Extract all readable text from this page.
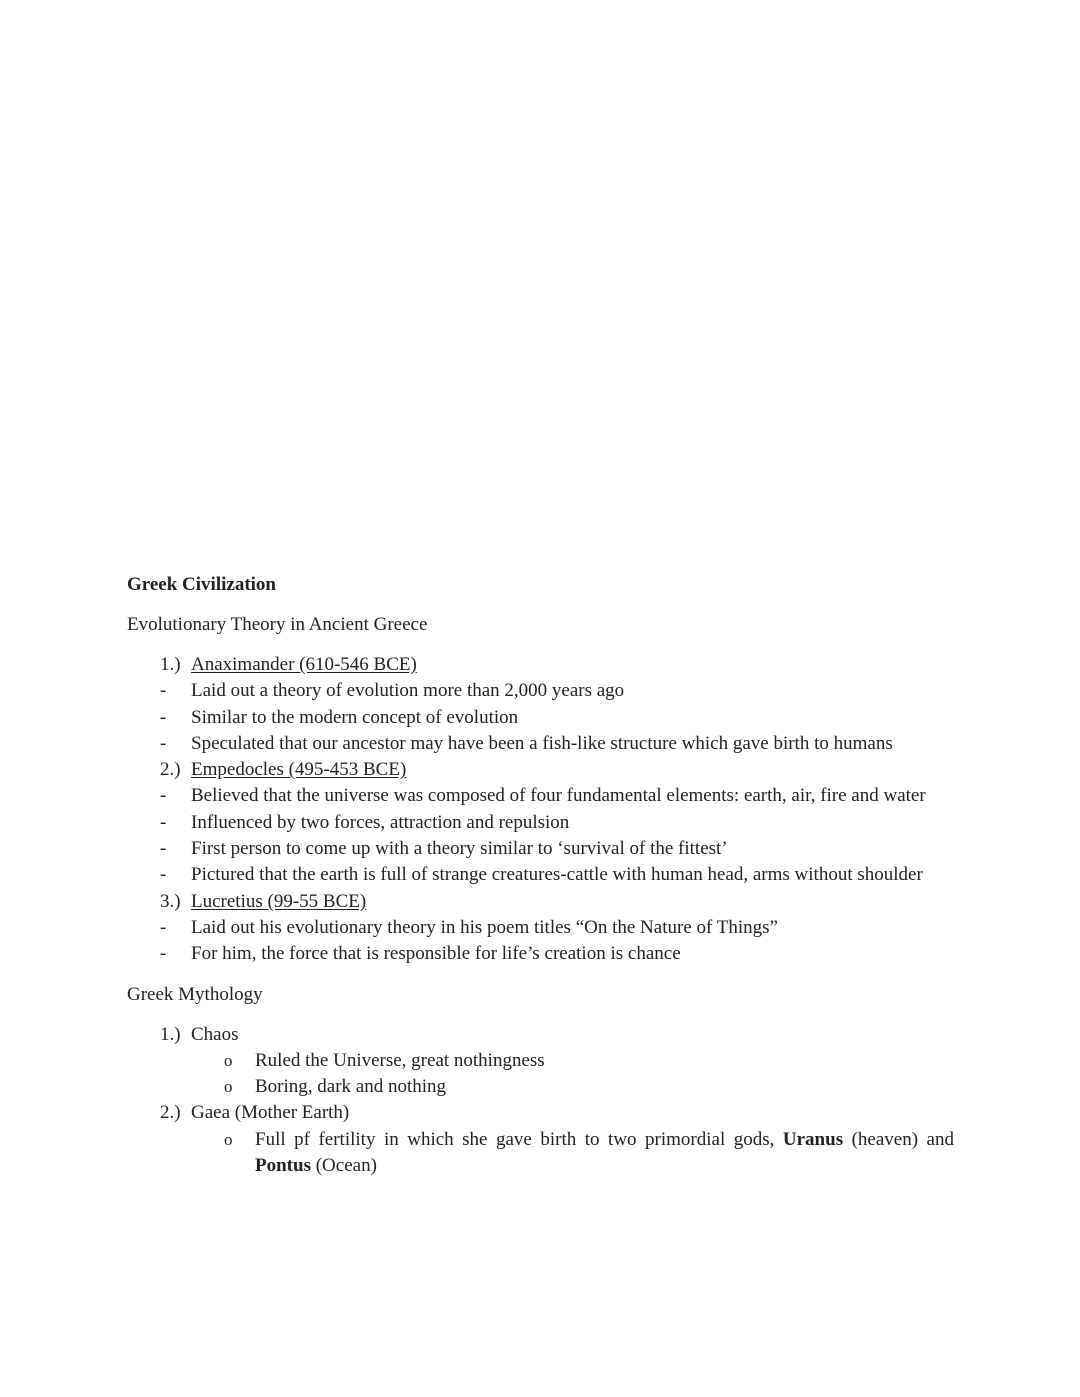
Greek Civilization

Evolutionary Theory in Ancient Greece

1.) Anaximander (610-546 BCE)
- Laid out a theory of evolution more than 2,000 years ago
- Similar to the modern concept of evolution
- Speculated that our ancestor may have been a fish-like structure which gave birth to humans
2.) Empedocles (495-453 BCE)
- Believed that the universe was composed of four fundamental elements: earth, air, fire and water
- Influenced by two forces, attraction and repulsion
- First person to come up with a theory similar to ‘survival of the fittest’
- Pictured that the earth is full of strange creatures-cattle with human head, arms without shoulder
3.) Lucretius (99-55 BCE)
- Laid out his evolutionary theory in his poem titles “On the Nature of Things”
- For him, the force that is responsible for life’s creation is chance

Greek Mythology

1.) Chaos
o Ruled the Universe, great nothingness
o Boring, dark and nothing
2.) Gaea (Mother Earth)
o Full pf fertility in which she gave birth to two primordial gods, Uranus (heaven) and Pontus (Ocean)
